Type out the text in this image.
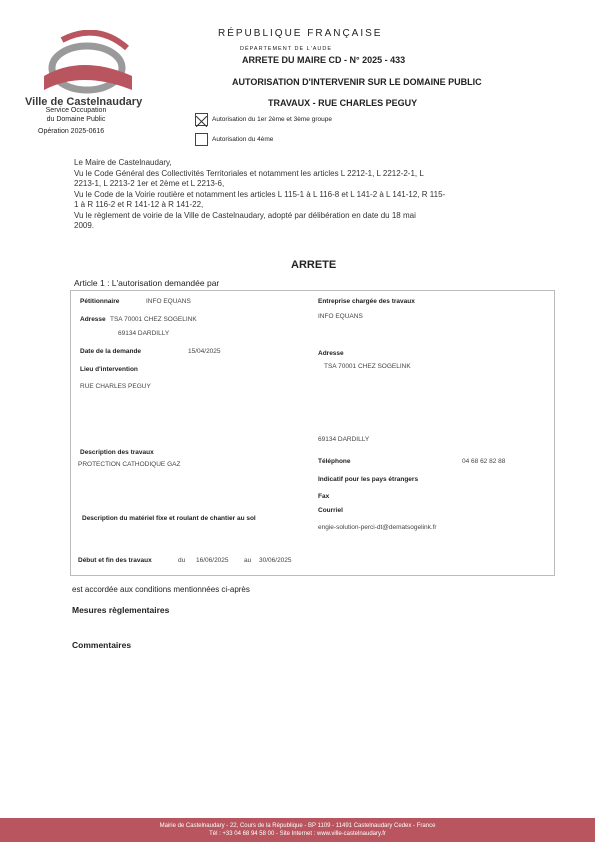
Ville de Castelnaudary
Service Occupation
du Domaine Public
Opération 2025-0616
RÉPUBLIQUE FRANÇAISE
DÉPARTEMENT DE L'AUDE
ARRETE DU MAIRE CD - N° 2025 - 433
AUTORISATION D'INTERVENIR SUR LE DOMAINE PUBLIC
TRAVAUX - RUE CHARLES PEGUY
Autorisation du 1er 2ème et 3ème groupe
Autorisation du 4ème
Le Maire de Castelnaudary,
Vu le Code Général des Collectivités Territoriales et notamment les articles L 2212-1, L 2212-2-1, L
2213-1, L 2213-2 1er et 2ème et L 2213-6,
Vu le Code de la Voirie routière et notamment les articles L 115-1 à L 116-8 et L 141-2 à L 141-12, R 115-
1 à R 116-2 et R 141-12 à R 141-22,
Vu le règlement de voirie de la Ville de Castelnaudary, adopté par délibération en date du 18 mai
2009.
ARRETE
Article 1 : L'autorisation demandée par
Pétitionnaire	INFO EQUANS
Adresse TSA 70001 CHEZ SOGELINK
69134 DARDILLY
Date de la demande	15/04/2025
Lieu d'intervention
RUE CHARLES PEGUY
Description des travaux
PROTECTION CATHODIQUE GAZ
Description du matériel fixe et roulant de chantier au sol
Début et fin des travaux	du 16/06/2025 au 30/06/2025
Entreprise chargée des travaux
INFO EQUANS
Adresse
TSA 70001 CHEZ SOGELINK
69134 DARDILLY
Téléphone	04 68 62 82 88
Indicatif pour les pays étrangers
Fax
Courriel
engie-solution-perci-dt@dematsogelink.fr
est accordée aux conditions mentionnées ci-après
Mesures règlementaires
Commentaires
Mairie de Castelnaudary - 22, Cours de la République - BP 1109 - 11491 Castelnaudary Cedex - France
Tél : +33 04 68 94 58 00 - Site Internet : www.ville-castelnaudary.fr
